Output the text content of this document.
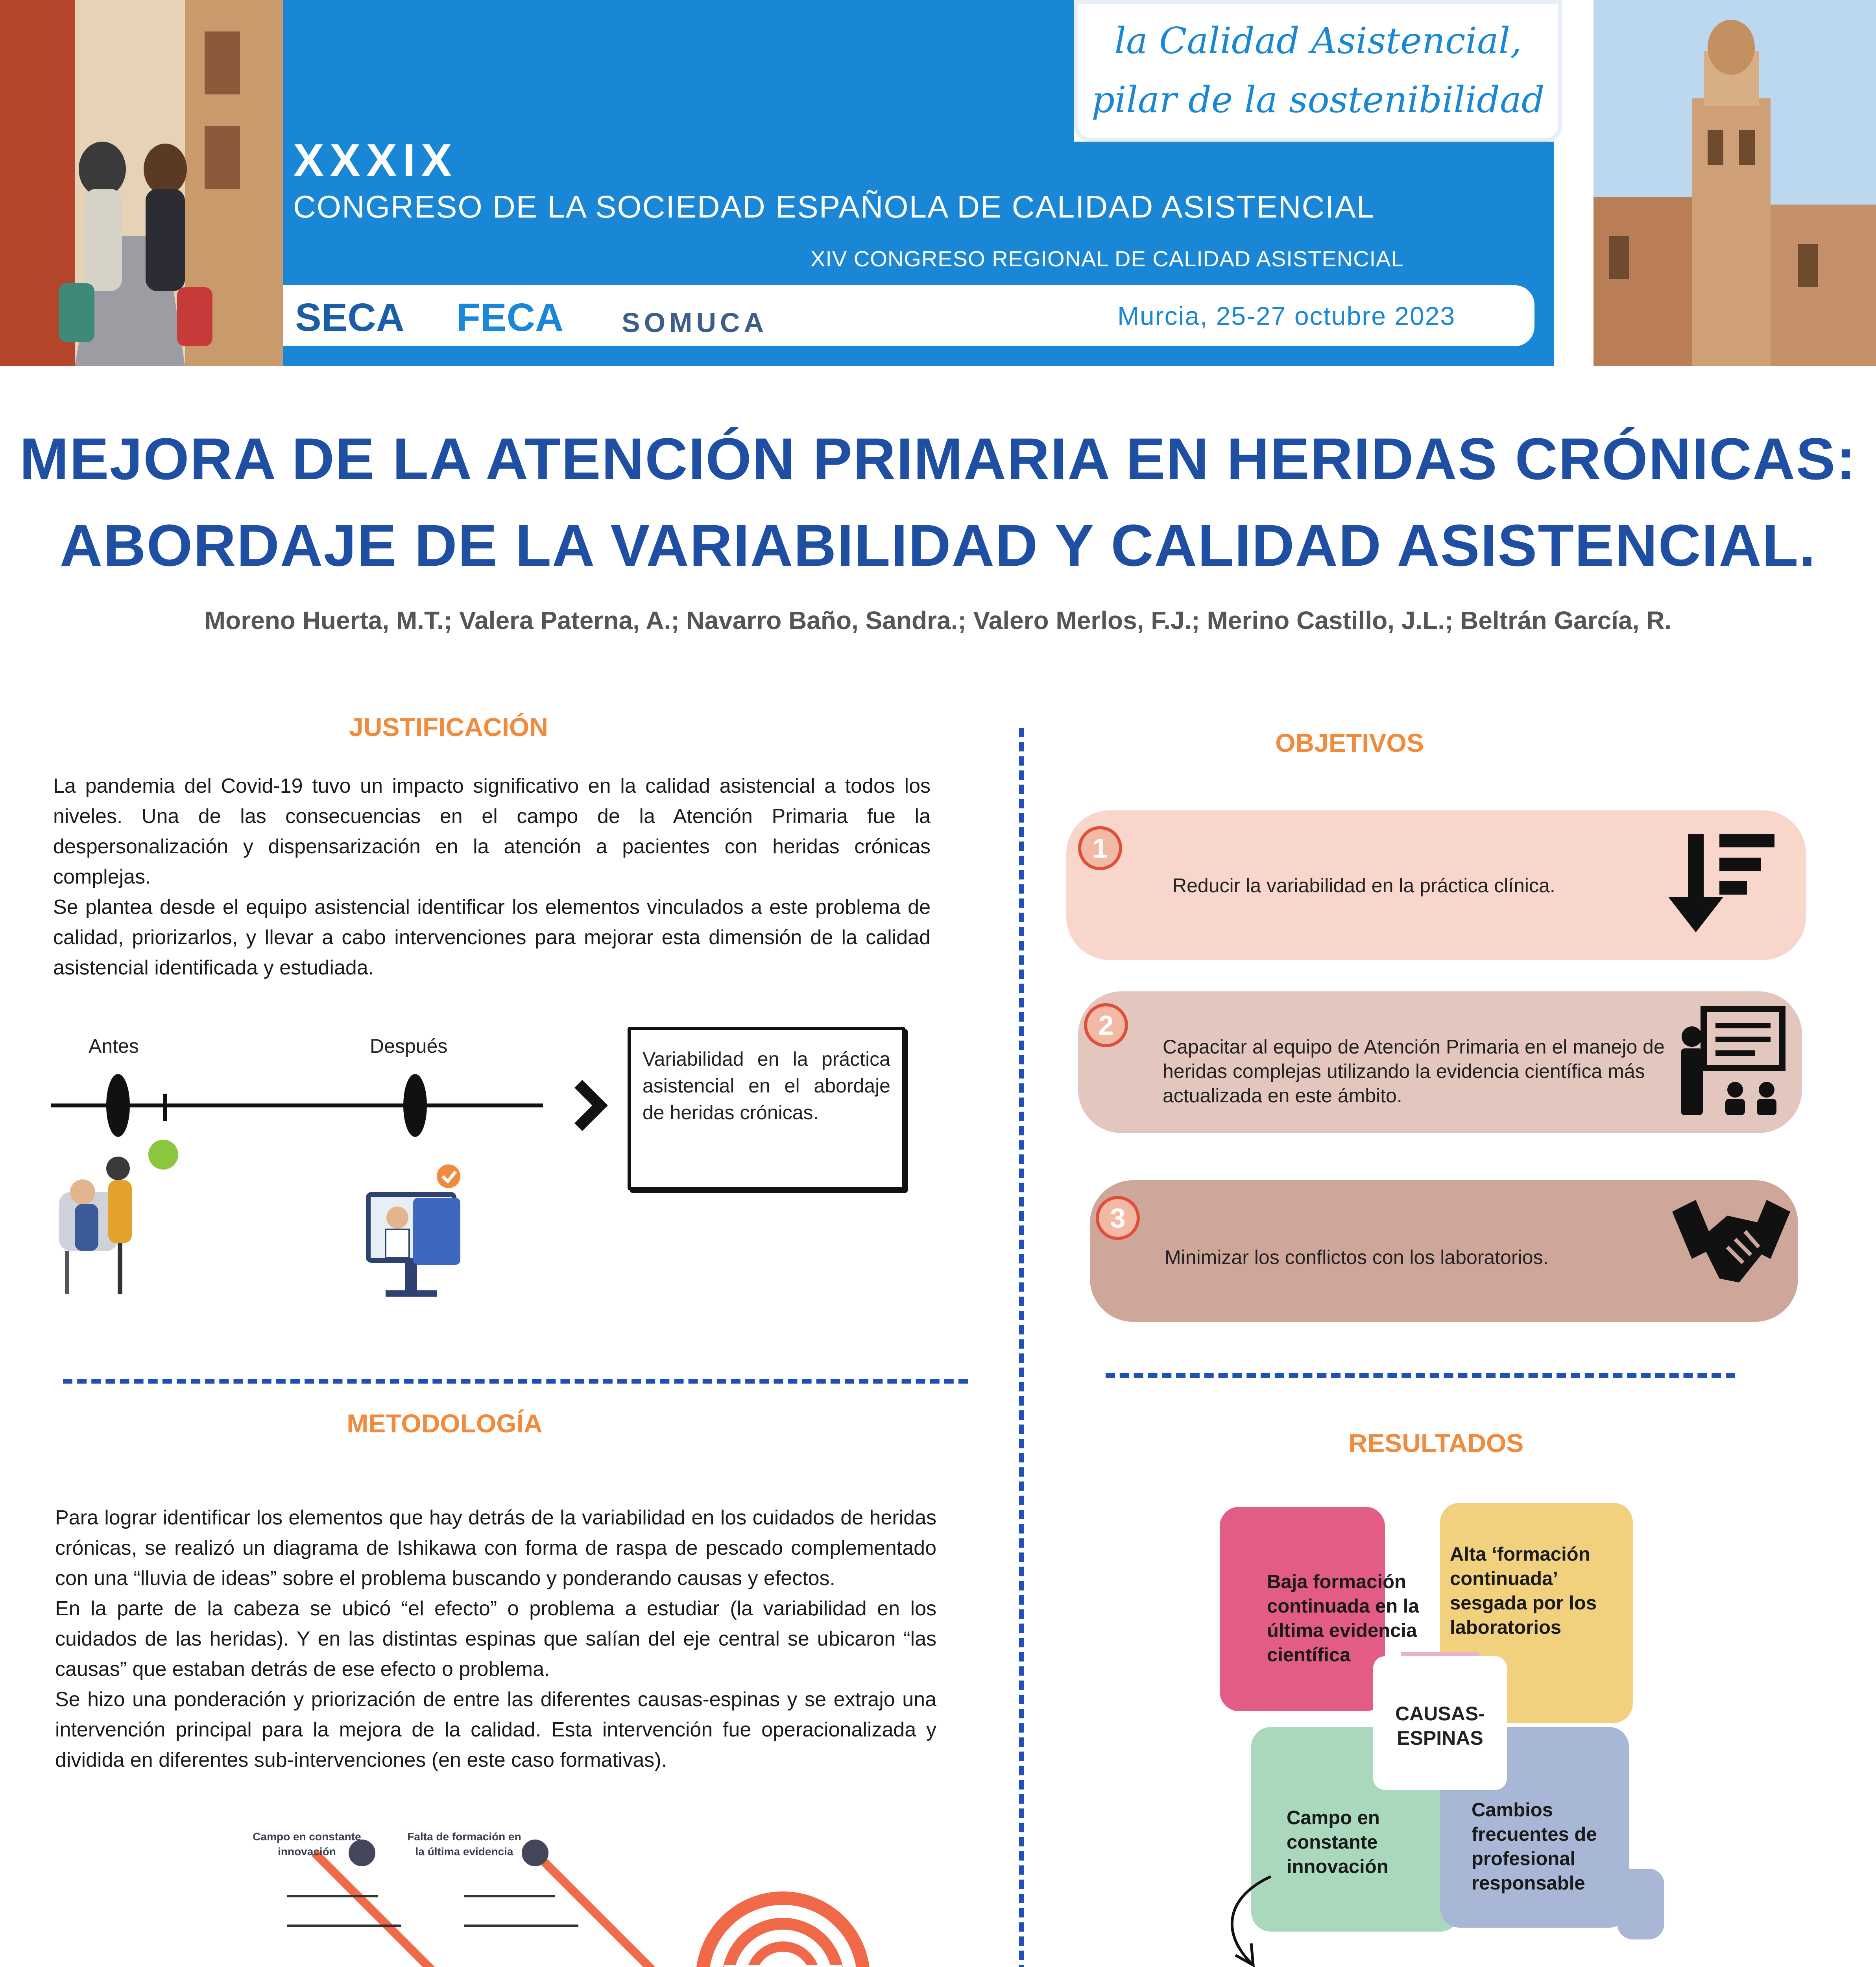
la Calidad Asistencial,
pilar de la sostenibilidad
XXXIX
CONGRESO DE LA SOCIEDAD ESPAÑOLA DE CALIDAD ASISTENCIAL
XIV CONGRESO REGIONAL DE CALIDAD ASISTENCIAL
SECA FECA SOMUCA	Murcia, 25-27 octubre 2023
MEJORA DE LA ATENCIÓN PRIMARIA EN HERIDAS CRÓNICAS:
ABORDAJE DE LA VARIABILIDAD Y CALIDAD ASISTENCIAL.
Moreno Huerta, M.T.; Valera Paterna, A.; Navarro Baño, Sandra.; Valero Merlos, F.J.; Merino Castillo, J.L.; Beltrán García, R.
JUSTIFICACIÓN
La pandemia del Covid-19 tuvo un impacto significativo en la calidad asistencial a todos los niveles. Una de las consecuencias en el campo de la Atención Primaria fue la despersonalización y dispensarización en la atención a pacientes con heridas crónicas complejas.
Se plantea desde el equipo asistencial identificar los elementos vinculados a este problema de calidad, priorizarlos, y llevar a cabo intervenciones para mejorar esta dimensión de la calidad asistencial identificada y estudiada.
Antes	Después
Variabilidad en la práctica asistencial en el abordaje de heridas crónicas.
METODOLOGÍA
Para lograr identificar los elementos que hay detrás de la variabilidad en los cuidados de heridas crónicas, se realizó un diagrama de Ishikawa con forma de raspa de pescado complementado con una “lluvia de ideas” sobre el problema buscando y ponderando causas y efectos.
En la parte de la cabeza se ubicó “el efecto” o problema a estudiar (la variabilidad en los cuidados de las heridas). Y en las distintas espinas que salían del eje central se ubicaron “las causas” que estaban detrás de ese efecto o problema.
Se hizo una ponderación y priorización de entre las diferentes causas-espinas y se extrajo una intervención principal para la mejora de la calidad. Esta intervención fue operacionalizada y dividida en diferentes sub-intervenciones (en este caso formativas).
Campo en constante innovación
Falta de formación en la última evidencia
OBJETIVOS
1
Reducir la variabilidad en la práctica clínica.
2
Capacitar al equipo de Atención Primaria en el manejo de heridas complejas utilizando la evidencia científica más actualizada en este ámbito.
3
Minimizar los conflictos con los laboratorios.
RESULTADOS
Baja formación continuada en la última evidencia científica
Alta ‘formación continuada’ sesgada por los laboratorios
Campo en constante innovación
Cambios frecuentes de profesional responsable
CAUSAS-ESPINAS
